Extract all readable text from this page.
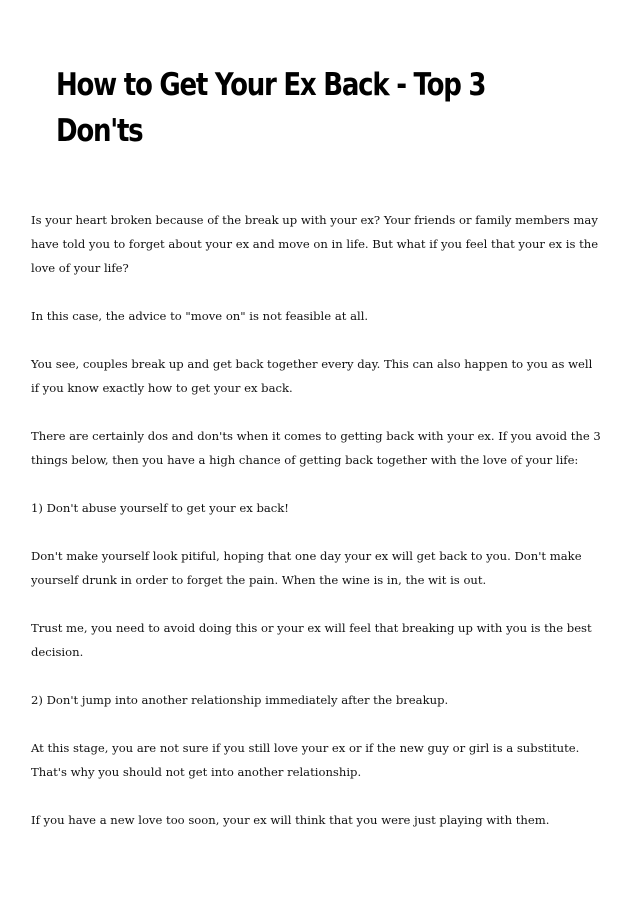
How to Get Your Ex Back - Top 3 Don'ts

Is your heart broken because of the break up with your ex? Your friends or family members may have told you to forget about your ex and move on in life. But what if you feel that your ex is the love of your life?

In this case, the advice to "move on" is not feasible at all.

You see, couples break up and get back together every day. This can also happen to you as well if you know exactly how to get your ex back.

There are certainly dos and don'ts when it comes to getting back with your ex. If you avoid the 3 things below, then you have a high chance of getting back together with the love of your life:

1) Don't abuse yourself to get your ex back!

Don't make yourself look pitiful, hoping that one day your ex will get back to you. Don't make yourself drunk in order to forget the pain. When the wine is in, the wit is out.

Trust me, you need to avoid doing this or your ex will feel that breaking up with you is the best decision.

2) Don't jump into another relationship immediately after the breakup.

At this stage, you are not sure if you still love your ex or if the new guy or girl is a substitute. That's why you should not get into another relationship.

If you have a new love too soon, your ex will think that you were just playing with them.
